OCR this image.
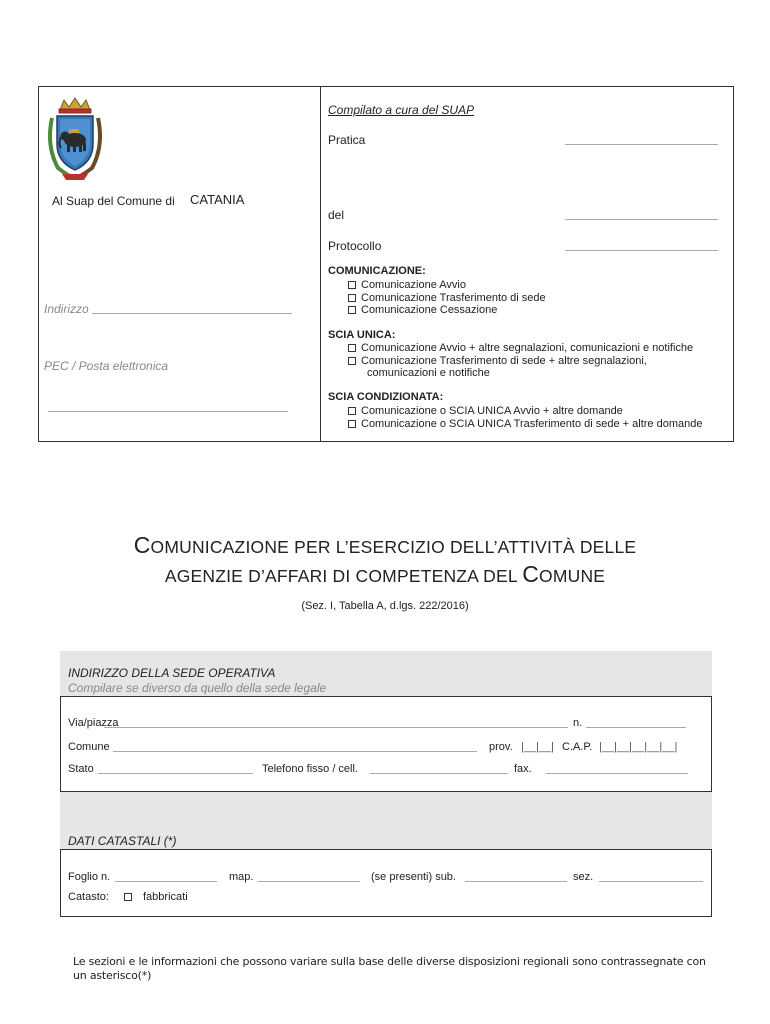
Al Suap del Comune di CATANIA
Indirizzo
PEC / Posta elettronica
Compilato a cura del SUAP
Pratica
del
Protocollo
COMUNICAZIONE:
Comunicazione Avvio
Comunicazione Trasferimento di sede
Comunicazione Cessazione
SCIA UNICA:
Comunicazione Avvio + altre segnalazioni, comunicazioni e notifiche
Comunicazione Trasferimento di sede + altre segnalazioni,
comunicazioni e notifiche
SCIA CONDIZIONATA:
Comunicazione o SCIA UNICA Avvio + altre domande
Comunicazione o SCIA UNICA Trasferimento di sede + altre domande
COMUNICAZIONE PER L’ESERCIZIO DELL’ATTIVITÀ DELLE
AGENZIE D’AFFARI DI COMPETENZA DEL COMUNE
(Sez. I, Tabella A, d.lgs. 222/2016)
INDIRIZZO DELLA SEDE OPERATIVA
Compilare se diverso da quello della sede legale
Via/piazza	n.
Comune	prov. |__|__| C.A.P. |__|__|__|__|__|
Stato	Telefono fisso / cell.	fax.
DATI CATASTALI (*)
Foglio n.	map.	(se presenti) sub.	sez.
Catasto:	fabbricati
Le sezioni e le informazioni che possono variare sulla base delle diverse disposizioni regionali sono contrassegnate con un asterisco(*)
